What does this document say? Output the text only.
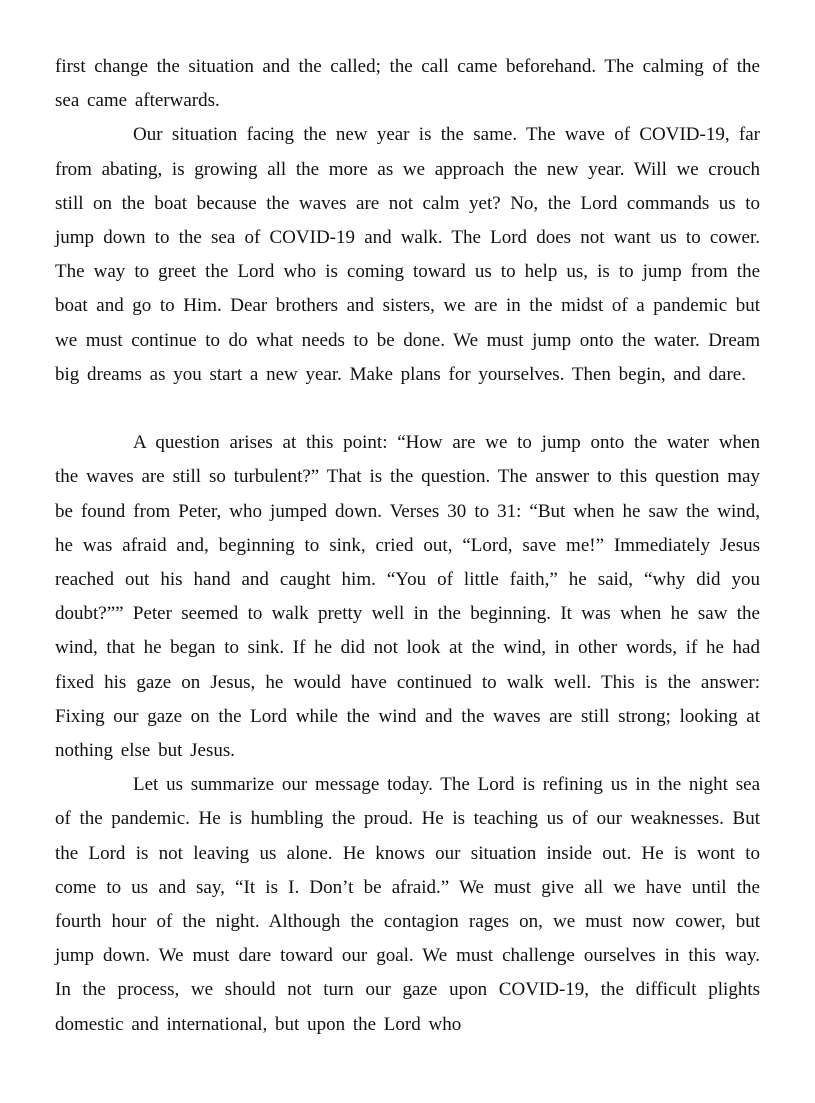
first change the situation and the called; the call came beforehand. The calming of the sea came afterwards.

Our situation facing the new year is the same. The wave of COVID-19, far from abating, is growing all the more as we approach the new year. Will we crouch still on the boat because the waves are not calm yet? No, the Lord commands us to jump down to the sea of COVID-19 and walk. The Lord does not want us to cower. The way to greet the Lord who is coming toward us to help us, is to jump from the boat and go to Him. Dear brothers and sisters, we are in the midst of a pandemic but we must continue to do what needs to be done. We must jump onto the water. Dream big dreams as you start a new year. Make plans for yourselves. Then begin, and dare.

A question arises at this point: “How are we to jump onto the water when the waves are still so turbulent?” That is the question. The answer to this question may be found from Peter, who jumped down. Verses 30 to 31: “But when he saw the wind, he was afraid and, beginning to sink, cried out, “Lord, save me!” Immediately Jesus reached out his hand and caught him. “You of little faith,” he said, “why did you doubt?”” Peter seemed to walk pretty well in the beginning. It was when he saw the wind, that he began to sink. If he did not look at the wind, in other words, if he had fixed his gaze on Jesus, he would have continued to walk well. This is the answer: Fixing our gaze on the Lord while the wind and the waves are still strong; looking at nothing else but Jesus.

Let us summarize our message today. The Lord is refining us in the night sea of the pandemic. He is humbling the proud. He is teaching us of our weaknesses. But the Lord is not leaving us alone. He knows our situation inside out. He is wont to come to us and say, “It is I. Don’t be afraid.” We must give all we have until the fourth hour of the night. Although the contagion rages on, we must now cower, but jump down. We must dare toward our goal. We must challenge ourselves in this way. In the process, we should not turn our gaze upon COVID-19, the difficult plights domestic and international, but upon the Lord who
